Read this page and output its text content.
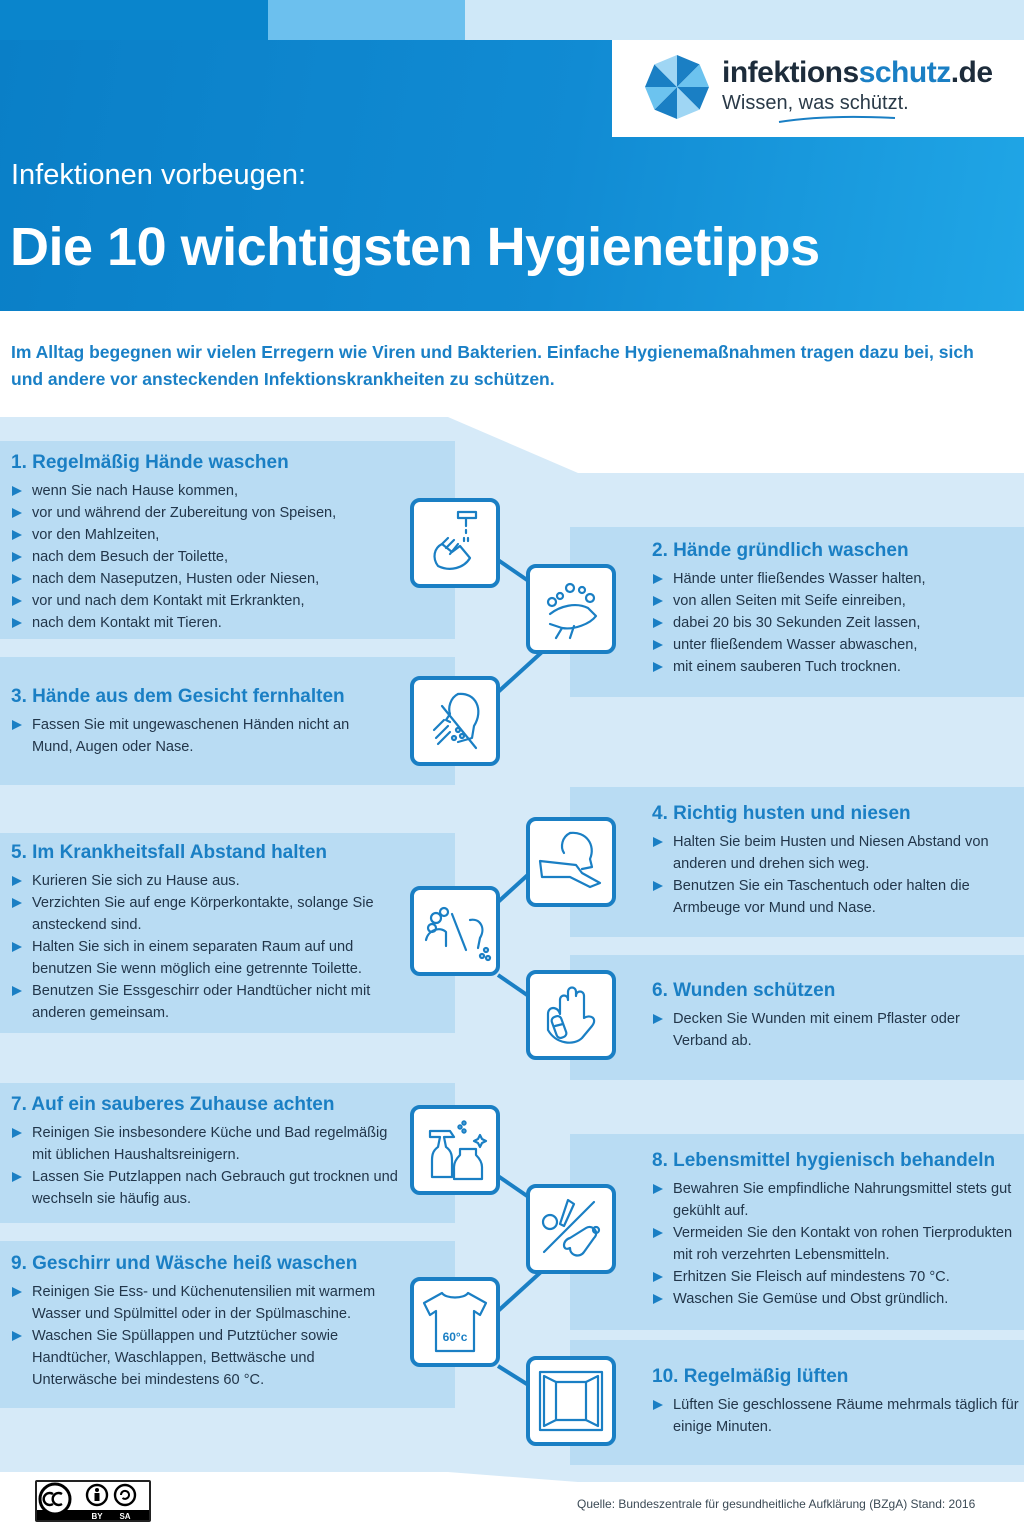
infektionsschutz.de
Wissen, was schützt.
Infektionen vorbeugen:
Die 10 wichtigsten Hygienetipps
Im Alltag begegnen wir vielen Erregern wie Viren und Bakterien. Einfache Hygienemaßnahmen tragen dazu bei, sich und andere vor ansteckenden Infektionskrankheiten zu schützen.
1. Regelmäßig Hände waschen
wenn Sie nach Hause kommen,
vor und während der Zubereitung von Speisen,
vor den Mahlzeiten,
nach dem Besuch der Toilette,
nach dem Naseputzen, Husten oder Niesen,
vor und nach dem Kontakt mit Erkrankten,
nach dem Kontakt mit Tieren.
2. Hände gründlich waschen
Hände unter fließendes Wasser halten,
von allen Seiten mit Seife einreiben,
dabei 20 bis 30 Sekunden Zeit lassen,
unter fließendem Wasser abwaschen,
mit einem sauberen Tuch trocknen.
3. Hände aus dem Gesicht fernhalten
Fassen Sie mit ungewaschenen Händen nicht an Mund, Augen oder Nase.
4. Richtig husten und niesen
Halten Sie beim Husten und Niesen Abstand von anderen und drehen sich weg.
Benutzen Sie ein Taschentuch oder halten die Armbeuge vor Mund und Nase.
5. Im Krankheitsfall Abstand halten
Kurieren Sie sich zu Hause aus.
Verzichten Sie auf enge Körperkontakte, solange Sie ansteckend sind.
Halten Sie sich in einem separaten Raum auf und benutzen Sie wenn möglich eine getrennte Toilette.
Benutzen Sie Essgeschirr oder Handtücher nicht mit anderen gemeinsam.
6. Wunden schützen
Decken Sie Wunden mit einem Pflaster oder Verband ab.
7. Auf ein sauberes Zuhause achten
Reinigen Sie insbesondere Küche und Bad regelmäßig mit üblichen Haushaltsreinigern.
Lassen Sie Putzlappen nach Gebrauch gut trocknen und wechseln sie häufig aus.
8. Lebensmittel hygienisch behandeln
Bewahren Sie empfindliche Nahrungsmittel stets gut gekühlt auf.
Vermeiden Sie den Kontakt von rohen Tierprodukten mit roh verzehrten Lebensmitteln.
Erhitzen Sie Fleisch auf mindestens 70 °C.
Waschen Sie Gemüse und Obst gründlich.
9. Geschirr und Wäsche heiß waschen
Reinigen Sie Ess- und Küchenutensilien mit warmem Wasser und Spülmittel oder in der Spülmaschine.
Waschen Sie Spüllappen und Putztücher sowie Handtücher, Waschlappen, Bettwäsche und Unterwäsche bei mindestens 60 °C.	10. Regelmäßig lüften
Lüften Sie geschlossene Räume mehrmals täglich für einige Minuten.
60°c
BY SA
Quelle: Bundeszentrale für gesundheitliche Aufklärung (BZgA) Stand: 2016
